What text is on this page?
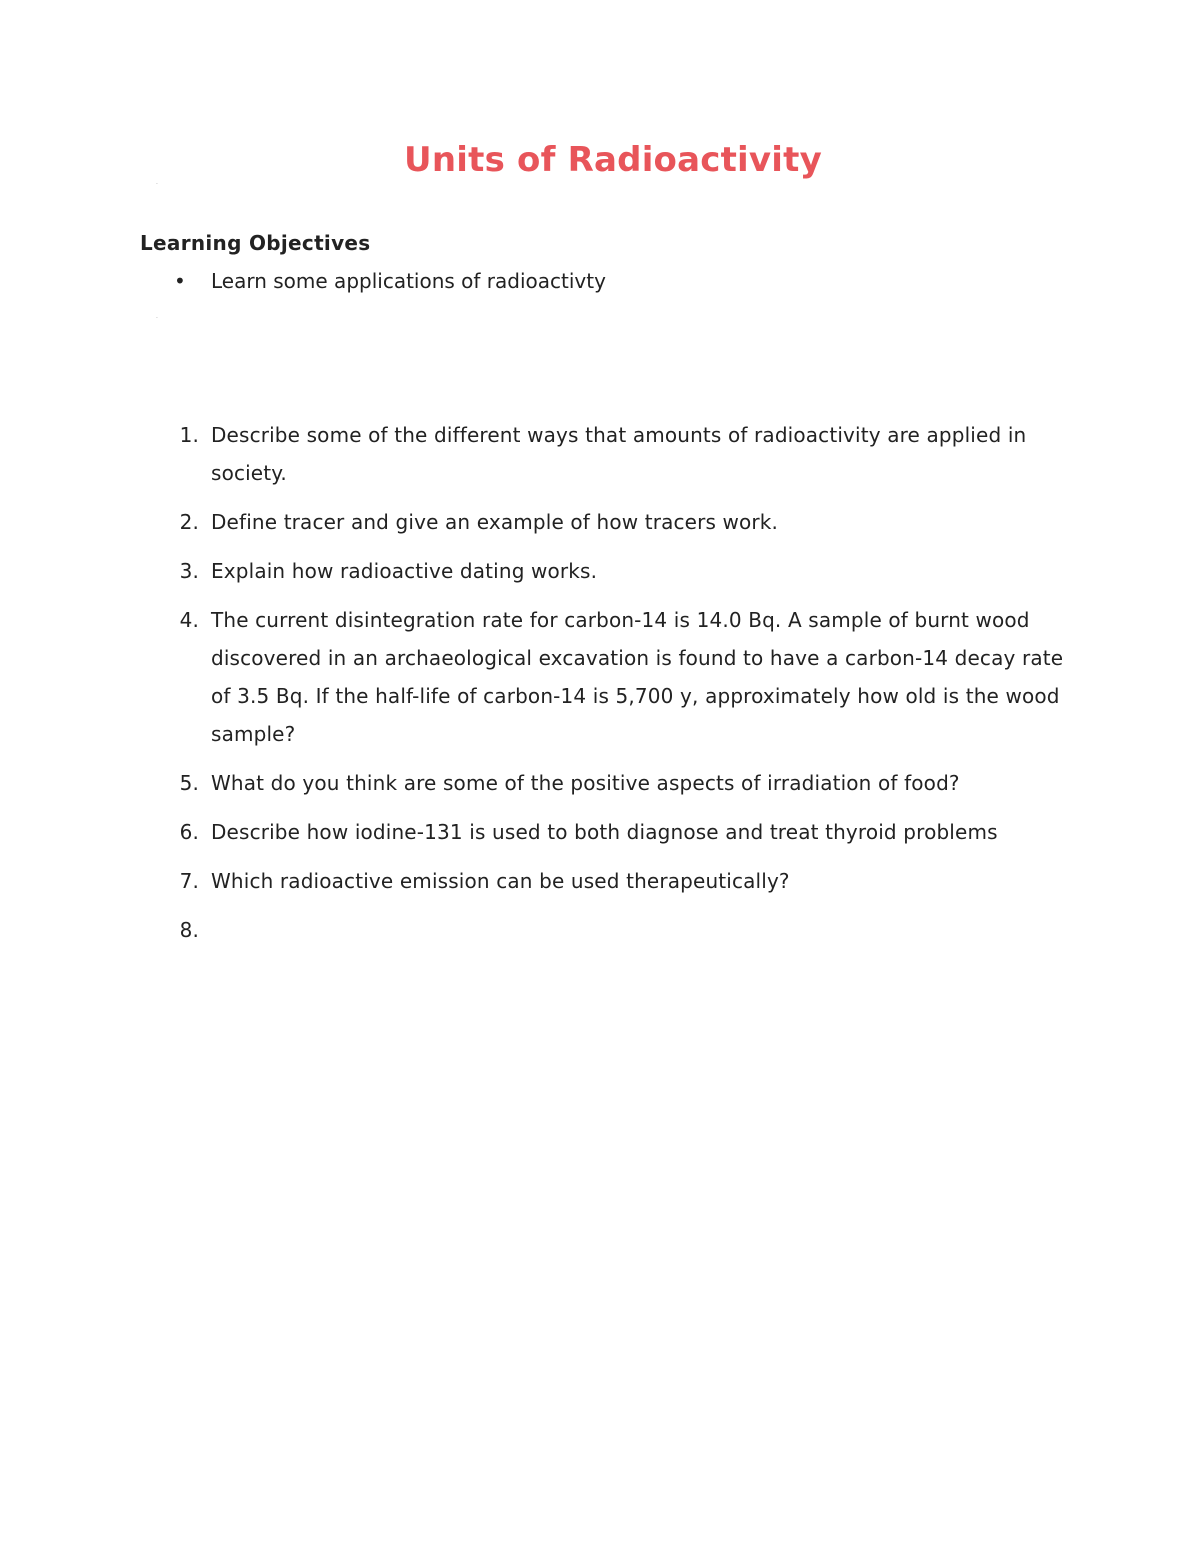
Units of Radioactivity
·
Learning Objectives
•	Learn some applications of radioactivty
·
1. Describe some of the different ways that amounts of radioactivity are applied in society.
2. Define tracer and give an example of how tracers work.
3. Explain how radioactive dating works.
4. The current disintegration rate for carbon-14 is 14.0 Bq. A sample of burnt wood discovered in an archaeological excavation is found to have a carbon-14 decay rate of 3.5 Bq. If the half-life of carbon-14 is 5,700 y, approximately how old is the wood sample?
5. What do you think are some of the positive aspects of irradiation of food?
6. Describe how iodine-131 is used to both diagnose and treat thyroid problems
7. Which radioactive emission can be used therapeutically?
8.
